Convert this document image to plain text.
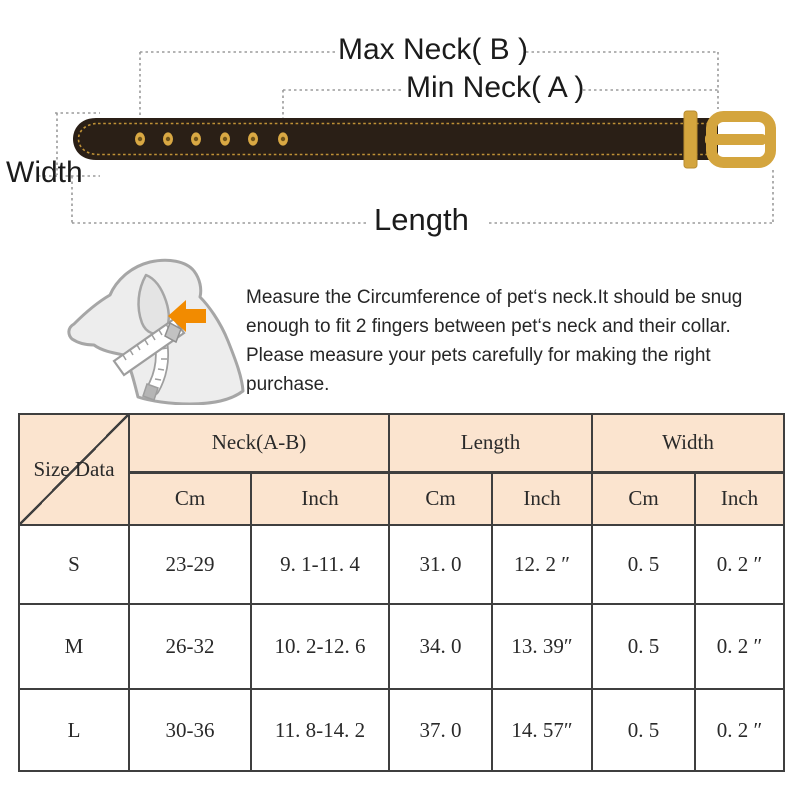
Max Neck( B )
Min Neck( A )
Width
Length
Measure the Circumference of pet‘s neck.It should be snug
enough to fit 2 fingers between pet‘s neck and their collar.
Please measure your pets carefully for making the right
purchase.
Size Data	Neck(A-B)		Length		Width	
	Cm	Inch	Cm	Inch	Cm	Inch
S	23-29	9. 1-11. 4	31. 0	12. 2 ″	0. 5	0. 2 ″
M	26-32	10. 2-12. 6	34. 0	13. 39″	0. 5	0. 2 ″
L	30-36	11. 8-14. 2	37. 0	14. 57″	0. 5	0. 2 ″
